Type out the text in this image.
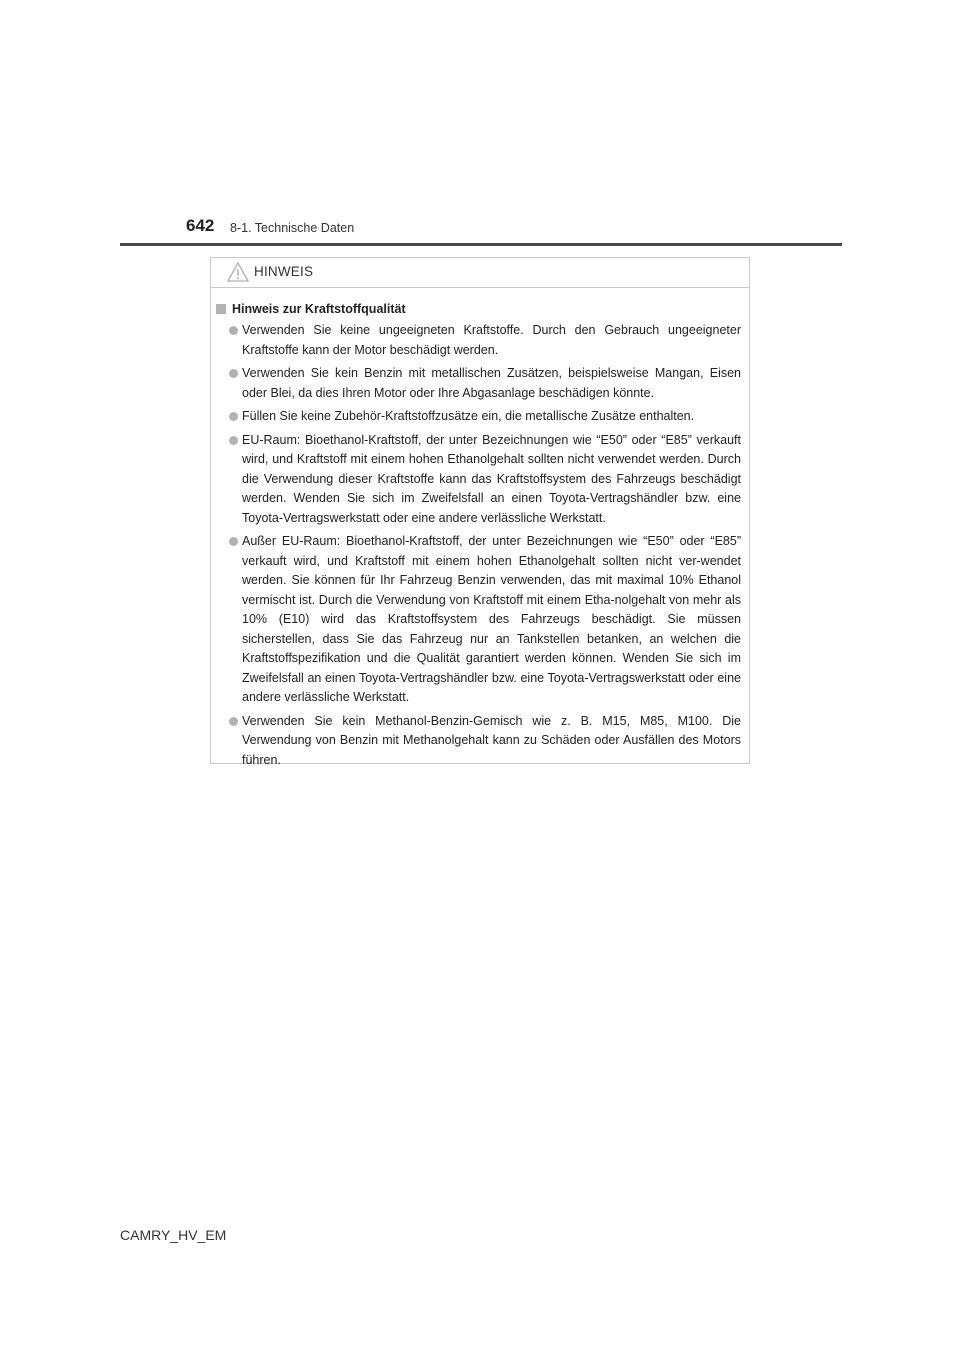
642 8-1. Technische Daten
HINWEIS
Hinweis zur Kraftstoffqualität
Verwenden Sie keine ungeeigneten Kraftstoffe. Durch den Gebrauch ungeeigneter Kraftstoffe kann der Motor beschädigt werden.
Verwenden Sie kein Benzin mit metallischen Zusätzen, beispielsweise Mangan, Eisen oder Blei, da dies Ihren Motor oder Ihre Abgasanlage beschädigen könnte.
Füllen Sie keine Zubehör-Kraftstoffzusätze ein, die metallische Zusätze enthalten.
EU-Raum: Bioethanol-Kraftstoff, der unter Bezeichnungen wie “E50” oder “E85” verkauft wird, und Kraftstoff mit einem hohen Ethanolgehalt sollten nicht verwendet werden. Durch die Verwendung dieser Kraftstoffe kann das Kraftstoffsystem des Fahrzeugs beschädigt werden. Wenden Sie sich im Zweifelsfall an einen Toyota-Vertragshändler bzw. eine Toyota-Vertragswerkstatt oder eine andere verlässliche Werkstatt.
Außer EU-Raum: Bioethanol-Kraftstoff, der unter Bezeichnungen wie “E50” oder “E85” verkauft wird, und Kraftstoff mit einem hohen Ethanolgehalt sollten nicht ver-wendet werden. Sie können für Ihr Fahrzeug Benzin verwenden, das mit maximal 10% Ethanol vermischt ist. Durch die Verwendung von Kraftstoff mit einem Etha-nolgehalt von mehr als 10% (E10) wird das Kraftstoffsystem des Fahrzeugs beschädigt. Sie müssen sicherstellen, dass Sie das Fahrzeug nur an Tankstellen betanken, an welchen die Kraftstoffspezifikation und die Qualität garantiert werden können. Wenden Sie sich im Zweifelsfall an einen Toyota-Vertragshändler bzw. eine Toyota-Vertragswerkstatt oder eine andere verlässliche Werkstatt.
Verwenden Sie kein Methanol-Benzin-Gemisch wie z. B. M15, M85, M100. Die Verwendung von Benzin mit Methanolgehalt kann zu Schäden oder Ausfällen des Motors führen.
CAMRY_HV_EM
